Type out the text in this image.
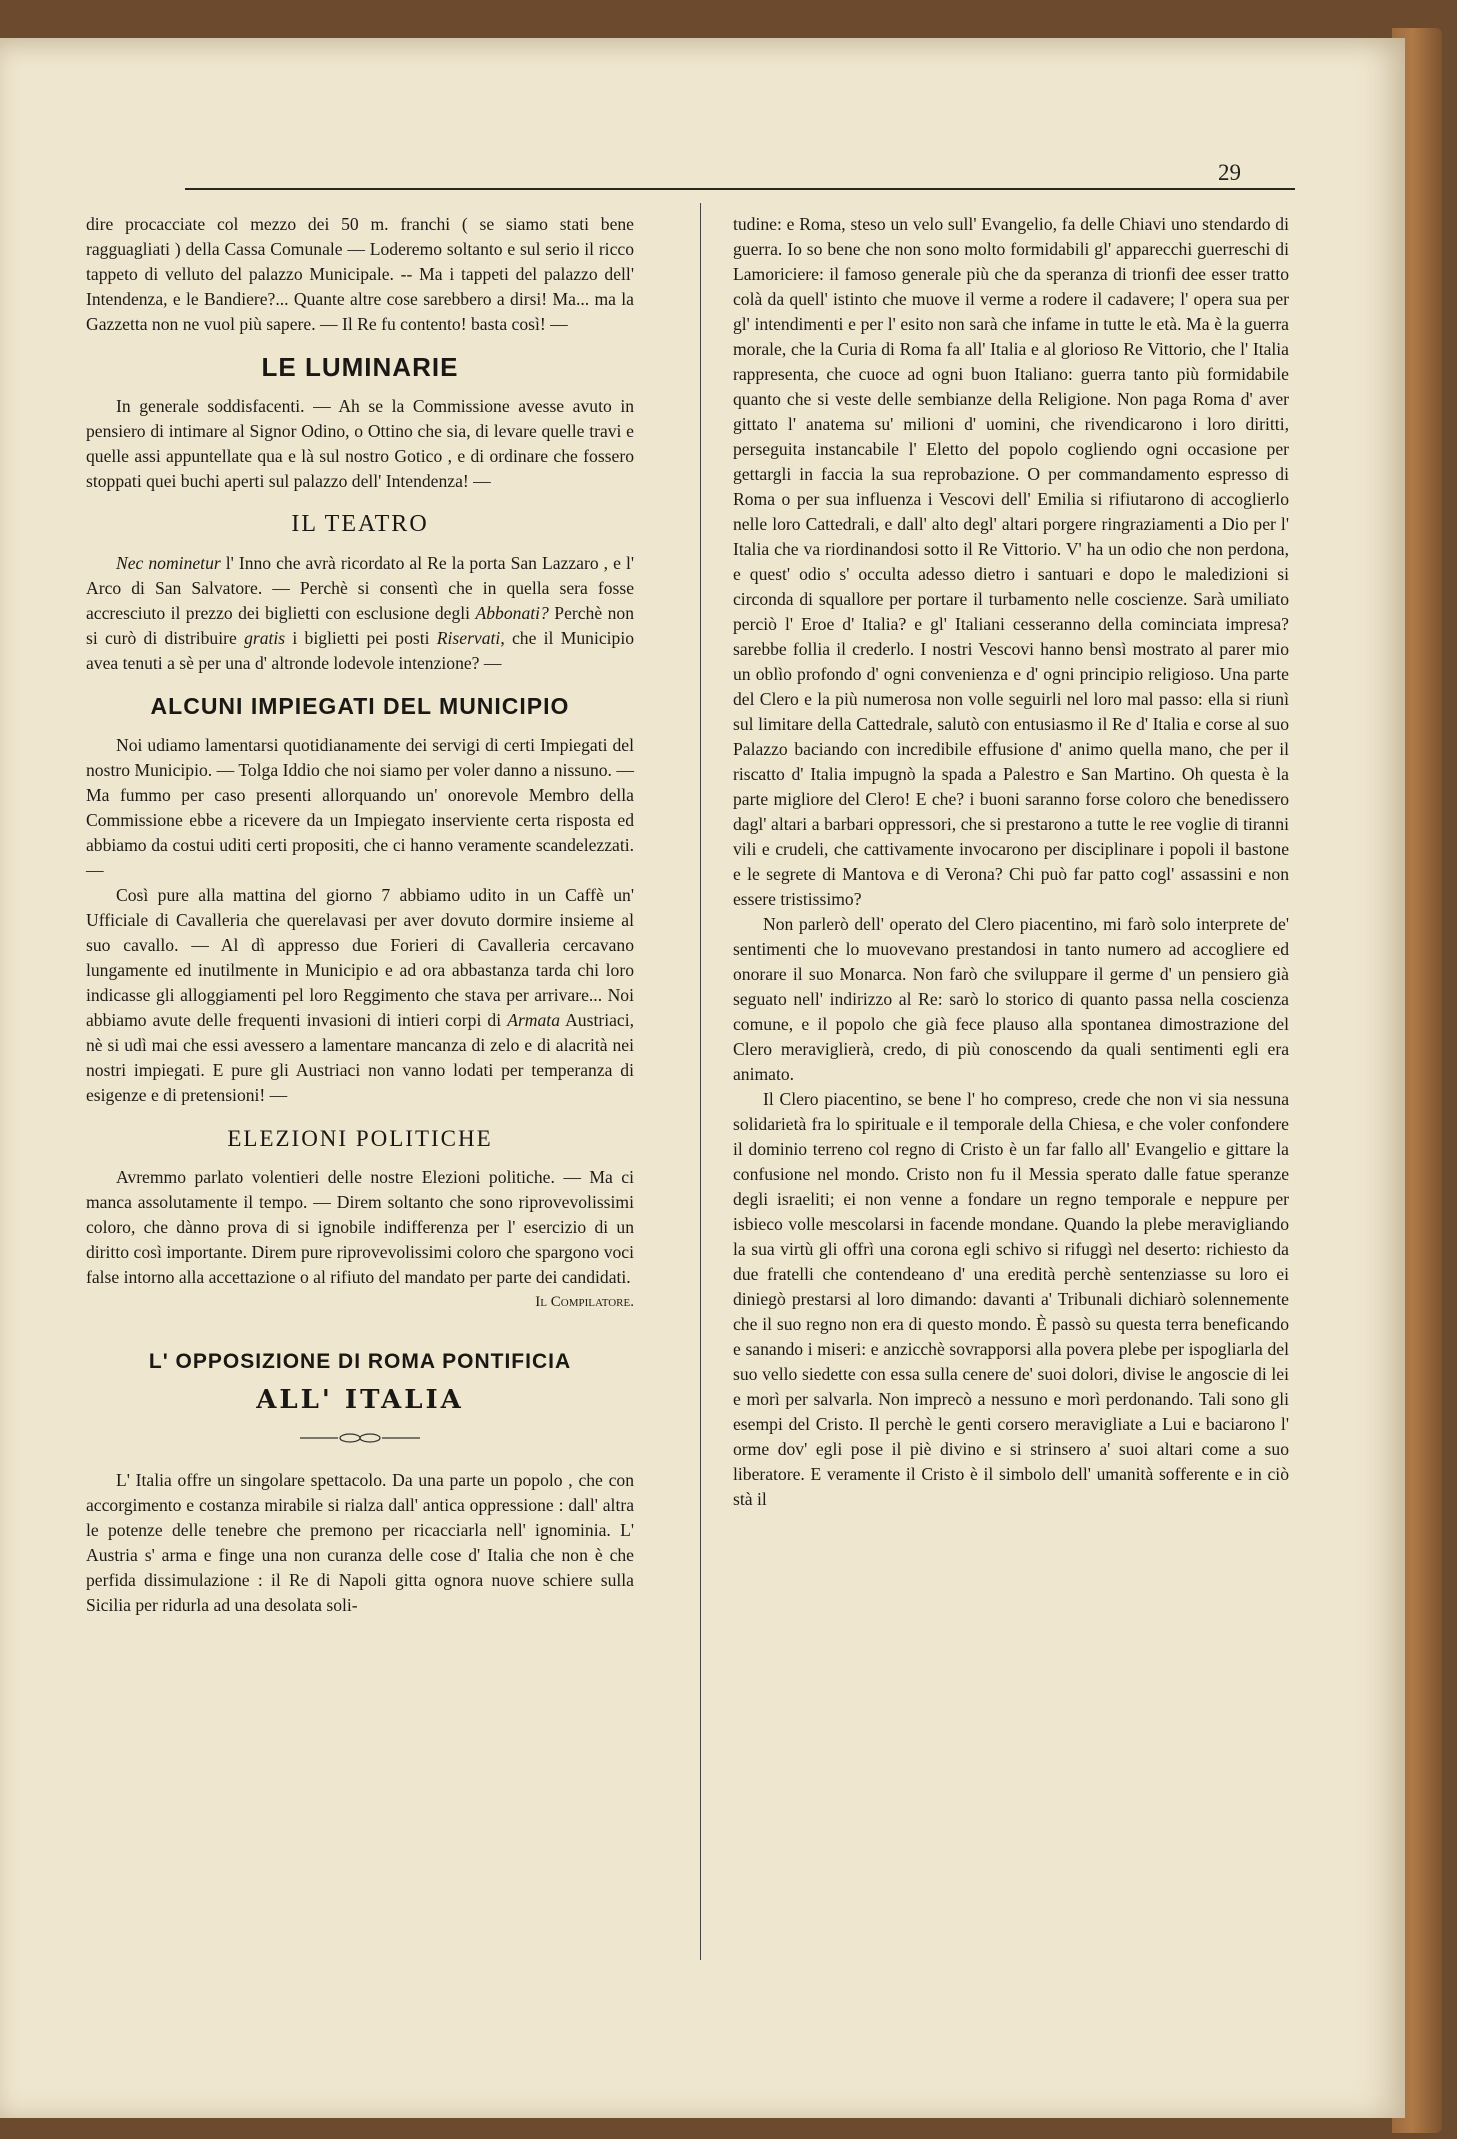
29

dire procacciate col mezzo dei 50 m. franchi ( se siamo stati bene ragguagliati ) della Cassa Comunale — Loderemo soltanto e sul serio il ricco tappeto di velluto del palazzo Municipale. -- Ma i tappeti del palazzo dell' Intendenza, e le Bandiere?... Quante altre cose sarebbero a dirsi! Ma... ma la Gazzetta non ne vuol più sapere. — Il Re fu contento! basta così! —

LE LUMINARIE

In generale soddisfacenti. — Ah se la Commissione avesse avuto in pensiero di intimare al Signor Odino, o Ottino che sia, di levare quelle travi e quelle assi appuntellate qua e là sul nostro Gotico , e di ordinare che fossero stoppati quei buchi aperti sul palazzo dell' Intendenza! —

IL TEATRO

Nec nominetur l' Inno che avrà ricordato al Re la porta San Lazzaro , e l' Arco di San Salvatore. — Perchè si consentì che in quella sera fosse accresciuto il prezzo dei biglietti con esclusione degli Abbonati? Perchè non si curò di distribuire gratis i biglietti pei posti Riservati, che il Municipio avea tenuti a sè per una d' altronde lodevole intenzione? —

ALCUNI IMPIEGATI DEL MUNICIPIO

Noi udiamo lamentarsi quotidianamente dei servigi di certi Impiegati del nostro Municipio. — Tolga Iddio che noi siamo per voler danno a nissuno. — Ma fummo per caso presenti allorquando un' onorevole Membro della Commissione ebbe a ricevere da un Impiegato inserviente certa risposta ed abbiamo da costui uditi certi propositi, che ci hanno veramente scandelezzati. —

Così pure alla mattina del giorno 7 abbiamo udito in un Caffè un' Ufficiale di Cavalleria che querelavasi per aver dovuto dormire insieme al suo cavallo. — Al dì appresso due Forieri di Cavalleria cercavano lungamente ed inutilmente in Municipio e ad ora abbastanza tarda chi loro indicasse gli alloggiamenti pel loro Reggimento che stava per arrivare... Noi abbiamo avute delle frequenti invasioni di intieri corpi di Armata Austriaci, nè si udì mai che essi avessero a lamentare mancanza di zelo e di alacrità nei nostri impiegati. E pure gli Austriaci non vanno lodati per temperanza di esigenze e di pretensioni! —

ELEZIONI POLITICHE

Avremmo parlato volentieri delle nostre Elezioni politiche. — Ma ci manca assolutamente il tempo. — Direm soltanto che sono riprovevolissimi coloro, che dànno prova di si ignobile indifferenza per l' esercizio di un diritto così importante. Direm pure riprovevolissimi coloro che spargono voci false intorno alla accettazione o al rifiuto del mandato per parte dei candidati.

Il Compilatore.
L' OPPOSIZIONE DI ROMA PONTIFICIA
ALL' ITALIA

L' Italia offre un singolare spettacolo. Da una parte un popolo , che con accorgimento e costanza mirabile si rialza dall' antica oppressione : dall' altra le potenze delle tenebre che premono per ricacciarla nell' ignominia. L' Austria s' arma e finge una non curanza delle cose d' Italia che non è che perfida dissimulazione : il Re di Napoli gitta ognora nuove schiere sulla Sicilia per ridurla ad una desolata soli-

tudine: e Roma, steso un velo sull' Evangelio, fa delle Chiavi uno stendardo di guerra. Io so bene che non sono molto formidabili gl' apparecchi guerreschi di Lamoriciere: il famoso generale più che da speranza di trionfi dee esser tratto colà da quell' istinto che muove il verme a rodere il cadavere; l' opera sua per gl' intendimenti e per l' esito non sarà che infame in tutte le età. Ma è la guerra morale, che la Curia di Roma fa all' Italia e al glorioso Re Vittorio, che l' Italia rappresenta, che cuoce ad ogni buon Italiano: guerra tanto più formidabile quanto che si veste delle sembianze della Religione. Non paga Roma d' aver gittato l' anatema su' milioni d' uomini, che rivendicarono i loro diritti, perseguita instancabile l' Eletto del popolo cogliendo ogni occasione per gettargli in faccia la sua reprobazione. O per commandamento espresso di Roma o per sua influenza i Vescovi dell' Emilia si rifiutarono di accoglierlo nelle loro Cattedrali, e dall' alto degl' altari porgere ringraziamenti a Dio per l' Italia che va riordinandosi sotto il Re Vittorio. V' ha un odio che non perdona, e quest' odio s' occulta adesso dietro i santuari e dopo le maledizioni si circonda di squallore per portare il turbamento nelle coscienze. Sarà umiliato perciò l' Eroe d' Italia? e gl' Italiani cesseranno della cominciata impresa? sarebbe follia il crederlo. I nostri Vescovi hanno bensì mostrato al parer mio un oblìo profondo d' ogni convenienza e d' ogni principio religioso. Una parte del Clero e la più numerosa non volle seguirli nel loro mal passo: ella si riunì sul limitare della Cattedrale, salutò con entusiasmo il Re d' Italia e corse al suo Palazzo baciando con incredibile effusione d' animo quella mano, che per il riscatto d' Italia impugnò la spada a Palestro e San Martino. Oh questa è la parte migliore del Clero! E che? i buoni saranno forse coloro che benedissero dagl' altari a barbari oppressori, che si prestarono a tutte le ree voglie di tiranni vili e crudeli, che cattivamente invocarono per disciplinare i popoli il bastone e le segrete di Mantova e di Verona? Chi può far patto cogl' assassini e non essere tristissimo?

Non parlerò dell' operato del Clero piacentino, mi farò solo interprete de' sentimenti che lo muovevano prestandosi in tanto numero ad accogliere ed onorare il suo Monarca. Non farò che sviluppare il germe d' un pensiero già seguato nell' indirizzo al Re: sarò lo storico di quanto passa nella coscienza comune, e il popolo che già fece plauso alla spontanea dimostrazione del Clero meraviglierà, credo, di più conoscendo da quali sentimenti egli era animato.

Il Clero piacentino, se bene l' ho compreso, crede che non vi sia nessuna solidarietà fra lo spirituale e il temporale della Chiesa, e che voler confondere il dominio terreno col regno di Cristo è un far fallo all' Evangelio e gittare la confusione nel mondo. Cristo non fu il Messia sperato dalle fatue speranze degli israeliti; ei non venne a fondare un regno temporale e neppure per isbieco volle mescolarsi in facende mondane. Quando la plebe meravigliando la sua virtù gli offrì una corona egli schivo si rifuggì nel deserto: richiesto da due fratelli che contendeano d' una eredità perchè sentenziasse su loro ei diniegò prestarsi al loro dimando: davanti a' Tribunali dichiarò solennemente che il suo regno non era di questo mondo. È passò su questa terra beneficando e sanando i miseri: e anzicchè sovrapporsi alla povera plebe per ispogliarla del suo vello siedette con essa sulla cenere de' suoi dolori, divise le angoscie di lei e morì per salvarla. Non imprecò a nessuno e morì perdonando. Tali sono gli esempi del Cristo. Il perchè le genti corsero meravigliate a Lui e baciarono l' orme dov' egli pose il piè divino e si strinsero a' suoi altari come a suo liberatore. E veramente il Cristo è il simbolo dell' umanità sofferente e in ciò stà il
